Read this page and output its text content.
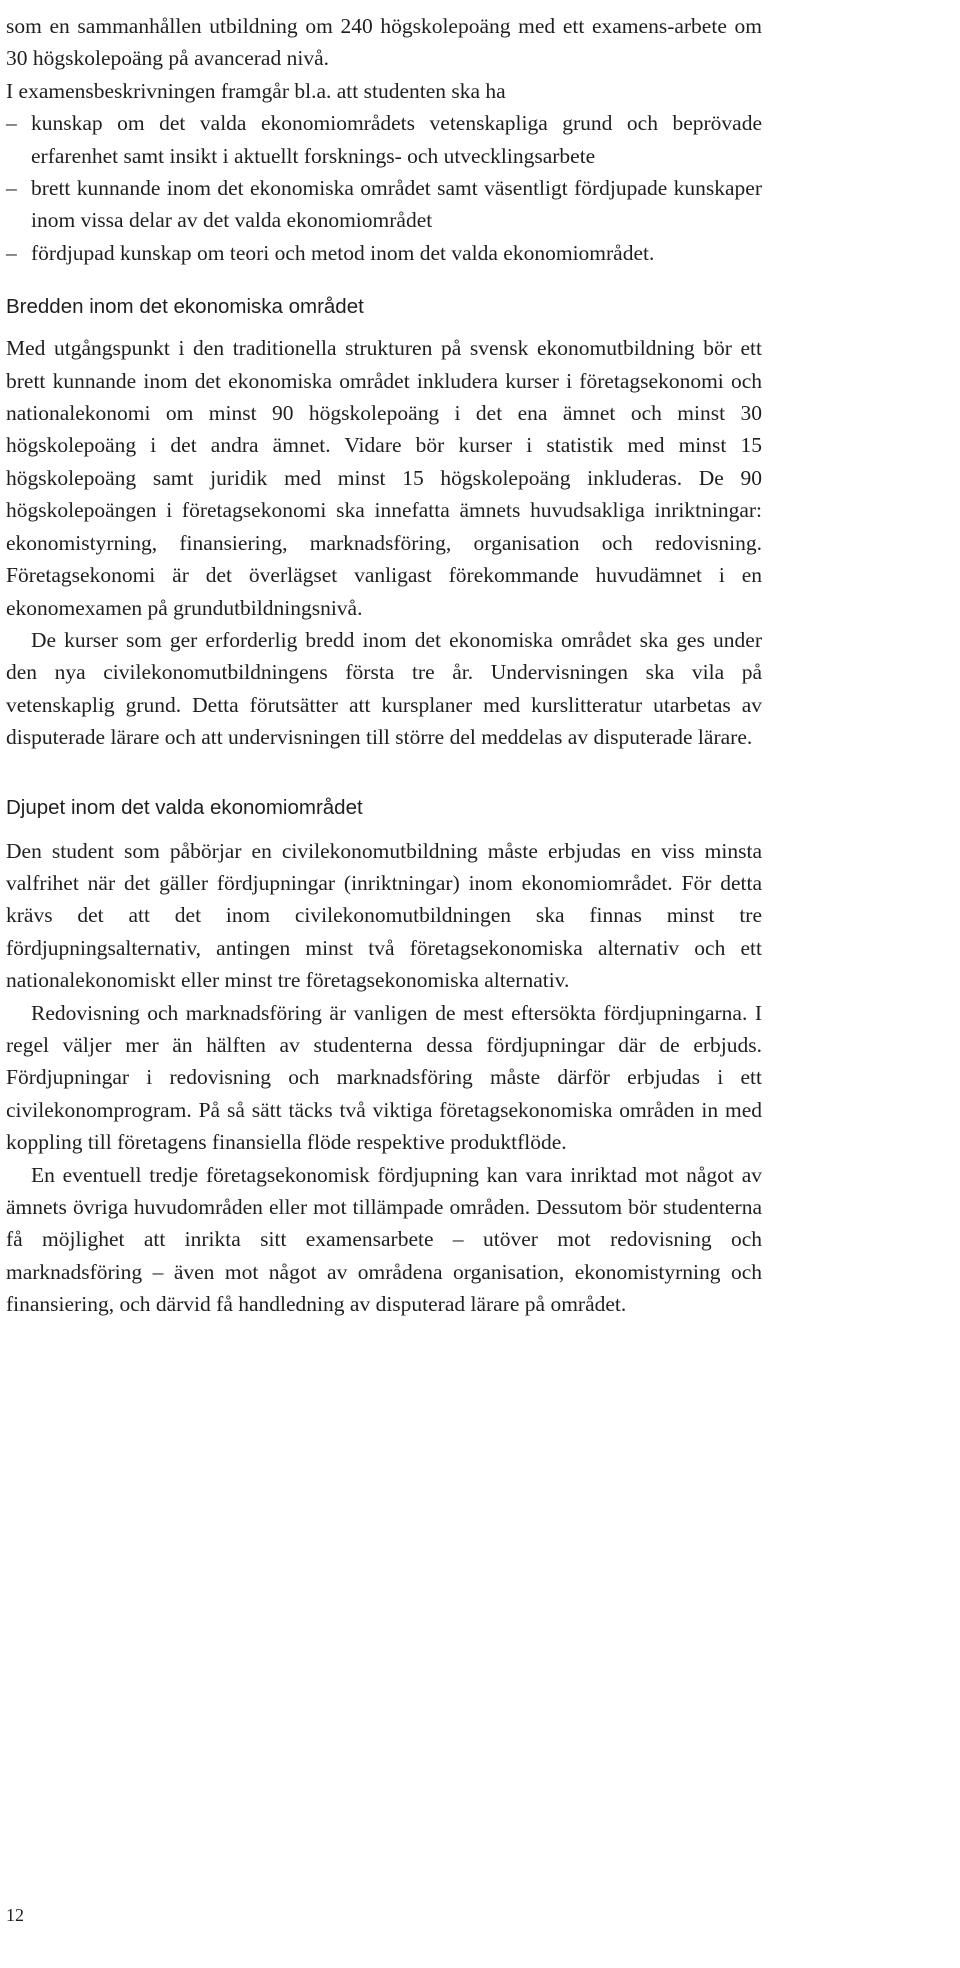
som en sammanhållen utbildning om 240 högskolepoäng med ett examens-arbete om 30 högskolepoäng på avancerad nivå.

I examensbeskrivningen framgår bl.a. att studenten ska ha

– kunskap om det valda ekonomiområdets vetenskapliga grund och beprövade erfarenhet samt insikt i aktuellt forsknings- och utvecklingsarbete
– brett kunnande inom det ekonomiska området samt väsentligt fördjupade kunskaper inom vissa delar av det valda ekonomiområdet
– fördjupad kunskap om teori och metod inom det valda ekonomiområdet.
Bredden inom det ekonomiska området

Med utgångspunkt i den traditionella strukturen på svensk ekonomutbildning bör ett brett kunnande inom det ekonomiska området inkludera kurser i företagsekonomi och nationalekonomi om minst 90 högskolepoäng i det ena ämnet och minst 30 högskolepoäng i det andra ämnet. Vidare bör kurser i statistik med minst 15 högskolepoäng samt juridik med minst 15 högskolepoäng inkluderas. De 90 högskolepoängen i företagsekonomi ska innefatta ämnets huvudsakliga inriktningar: ekonomistyrning, finansiering, marknadsföring, organisation och redovisning. Företagsekonomi är det överlägset vanligast förekommande huvudämnet i en ekonomexamen på grundutbildningsnivå.

De kurser som ger erforderlig bredd inom det ekonomiska området ska ges under den nya civilekonomutbildningens första tre år. Undervisningen ska vila på vetenskaplig grund. Detta förutsätter att kursplaner med kurslitteratur utarbetas av disputerade lärare och att undervisningen till större del meddelas av disputerade lärare.

Djupet inom det valda ekonomiområdet

Den student som påbörjar en civilekonomutbildning måste erbjudas en viss minsta valfrihet när det gäller fördjupningar (inriktningar) inom ekonomiområdet. För detta krävs det att det inom civilekonomutbildningen ska finnas minst tre fördjupningsalternativ, antingen minst två företagsekonomiska alternativ och ett nationalekonomiskt eller minst tre företagsekonomiska alternativ.

Redovisning och marknadsföring är vanligen de mest eftersökta fördjupningarna. I regel väljer mer än hälften av studenterna dessa fördjupningar där de erbjuds. Fördjupningar i redovisning och marknadsföring måste därför erbjudas i ett civilekonomprogram. På så sätt täcks två viktiga företagsekonomiska områden in med koppling till företagens finansiella flöde respektive produktflöde.

En eventuell tredje företagsekonomisk fördjupning kan vara inriktad mot något av ämnets övriga huvudområden eller mot tillämpade områden. Dessutom bör studenterna få möjlighet att inrikta sitt examensarbete – utöver mot redovisning och marknadsföring – även mot något av områdena organisation, ekonomistyrning och finansiering, och därvid få handledning av disputerad lärare på området.

12
